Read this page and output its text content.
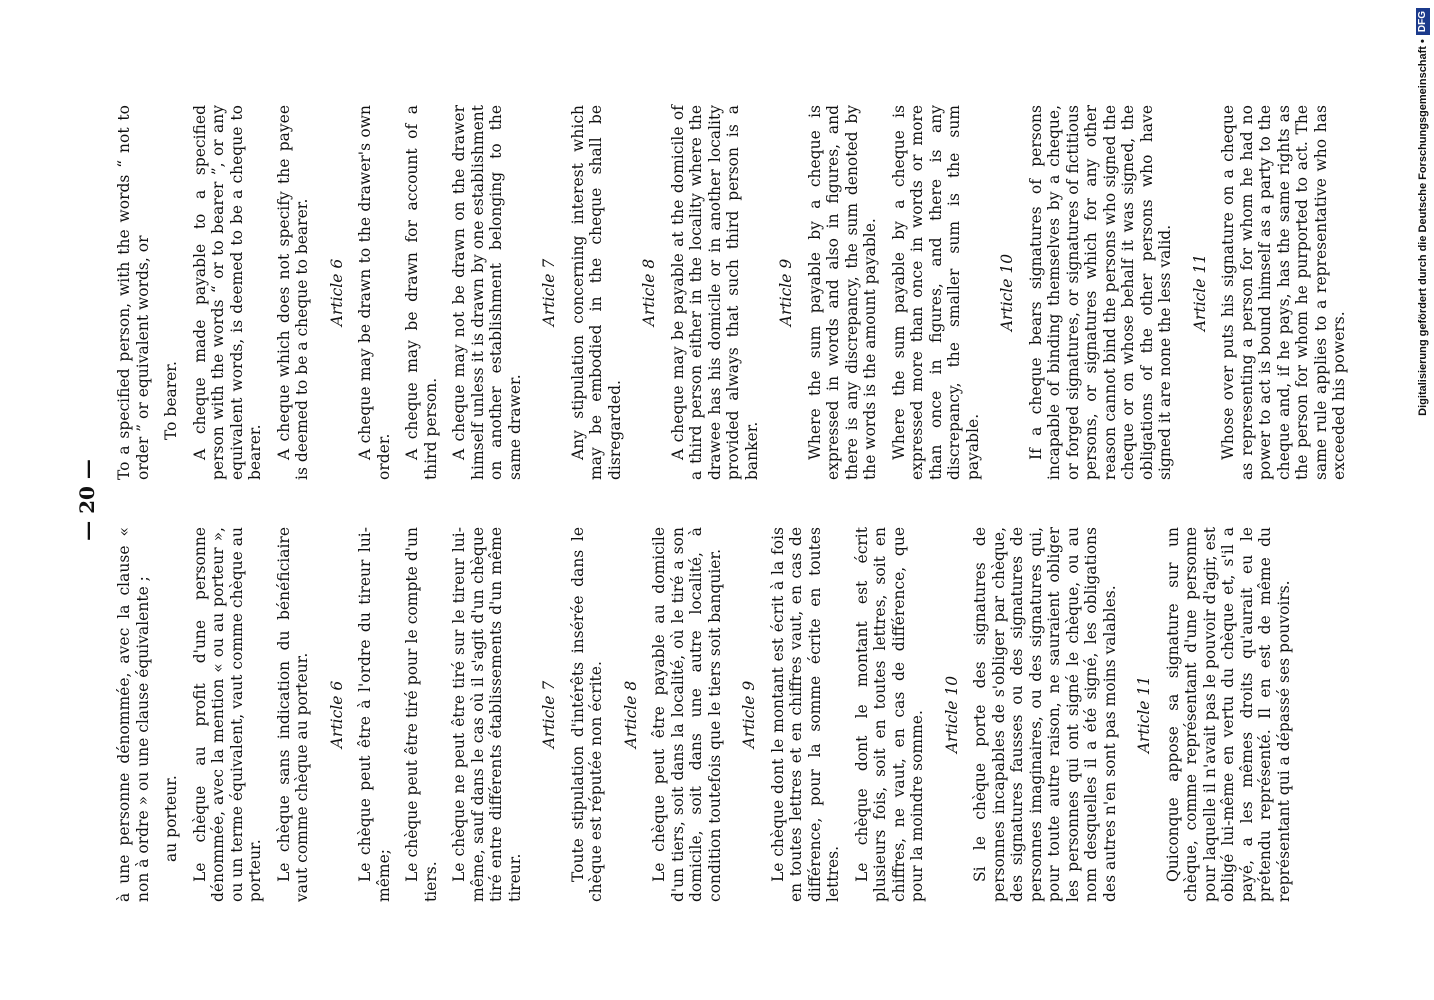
— 20 —

à une personne dénommée, avec la clause « non à ordre » ou une clause équivalente ; au porteur. Le chèque au profit d'une personne dénommée, avec la mention « ou au porteur », ou un terme équivalent, vaut comme chèque au porteur. Le chèque sans indication du bénéficiaire vaut comme chèque au porteur. Article 6 Le chèque peut être à l'ordre du tireur lui-même; Le chèque peut être tiré pour le compte d'un tiers. Le chèque ne peut être tiré sur le tireur lui-même, sauf dans le cas où il s'agit d'un chèque tiré entre différents établissements d'un même tireur.

Article 7 Toute stipulation d'intérêts insérée dans le chèque est réputée non écrite. Article 8 Le chèque peut être payable au domicile d'un tiers, soit dans la localité, où le tiré a son domicile, soit dans une autre localité, à condition toutefois que le tiers soit banquier. Article 9 Le chèque dont le montant est écrit à la fois en toutes lettres et en chiffres vaut, en cas de différence, pour la somme écrite en toutes lettres. Le chèque dont le montant est écrit plusieurs fois, soit en toutes lettres, soit en chiffres, ne vaut, en cas de différence, que pour la moindre somme. Article 10 Si le chèque porte des signatures de personnes incapables de s'obliger par chèque, des signatures fausses ou des signatures de personnes imaginaires, ou des signatures qui, pour toute autre raison, ne sauraient obliger les personnes qui ont signé le chèque, ou au nom desquelles il a été signé, les obligations des autres n'en sont pas moins valables. Article 11 Quiconque appose sa signature sur un chèque, comme représentant d'une personne pour laquelle il n'avait pas le pouvoir d'agir, est obligé lui-même en vertu du chèque et, s'il a payé, a les mêmes droits qu'aurait eu le prétendu représenté. Il en est de même du représentant qui a dépassé ses pouvoirs.

To a specified person, with the words “ not to order ” or equivalent words, or To bearer. A cheque made payable to a specified person with the words “ or to bearer ”, or any equivalent words, is deemed to be a cheque to bearer. A cheque which does not specify the payee is deemed to be a cheque to bearer. Article 6 A cheque may be drawn to the drawer's own order. A cheque may be drawn for account of a third person. A cheque may not be drawn on the drawer himself unless it is drawn by one establishment on another establishment belonging to the same drawer.

Article 7 Any stipulation concerning interest which may be embodied in the cheque shall be disregarded.

Article 8 A cheque may be payable at the domicile of a third person either in the locality where the drawee has his domicile or in another locality provided always that such third person is a banker.

Article 9 Where the sum payable by a cheque is expressed in words and also in figures, and there is any discrepancy, the sum denoted by the words is the amount payable. Where the sum payable by a cheque is expressed more than once in words or more than once in figures, and there is any discrepancy, the smaller sum is the sum payable.

Article 10 If a cheque bears signatures of persons incapable of binding themselves by a cheque, or forged signatures, or signatures of fictitious persons, or signatures which for any other reason cannot bind the persons who signed the cheque or on whose behalf it was signed, the obligations of the other persons who have signed it are none the less valid. Article 11 Whose over puts his signature on a cheque as representing a person for whom he had no power to act is bound himself as a party to the cheque and, if he pays, has the same rights as the person for whom he purported to act. The same rule applies to a representative who has exceeded his powers.	Digitalisierung gefördert durch die Deutsche Forschungsgemeinschaft •
DFG
